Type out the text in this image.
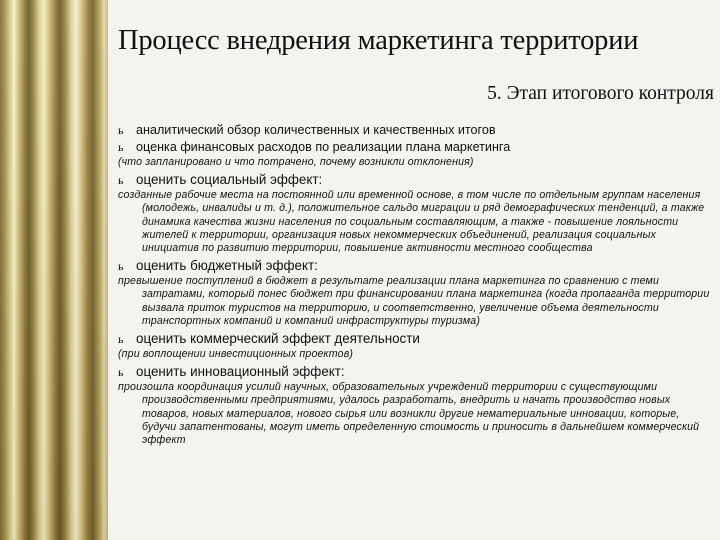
Процесс внедрения маркетинга территории
5. Этап итогового контроля
ь аналитический обзор количественных и качественных итогов
ь оценка финансовых расходов по реализации плана маркетинга

(что запланировано и что потрачено, почему возникли отклонения)

ь оценить социальный эффект:

созданные рабочие места на постоянной или временной основе, в том числе по отдельным группам населения (молодежь, инвалиды и т. д.), положительное сальдо миграции и ряд демографических тенденций, а также динамика качества жизни населения по социальным составляющим, а также - повышение лояльности жителей к территории, организация новых некоммерческих объединений, реализация социальных инициатив по развитию территории, повышение активности местного сообщества

ь оценить бюджетный эффект:

превышение поступлений в бюджет в результате реализации плана маркетинга по сравнению с теми затратами, который понес бюджет при финансировании плана маркетинга (когда пропаганда территории вызвала приток туристов на территорию, и соответственно, увеличение объема деятельности транспортных компаний и компаний инфраструктуры туризма)

ь оценить коммерческий эффект деятельности

(при воплощении инвестиционных проектов)

ь оценить инновационный эффект:

произошла координация усилий научных, образовательных учреждений территории с существующими производственными предприятиями, удалось разработать, внедрить и начать производство новых товаров, новых материалов, нового сырья или возникли другие нематериальные инновации, которые, будучи запатентованы, могут иметь определенную стоимость и приносить в дальнейшем коммерческий эффект
